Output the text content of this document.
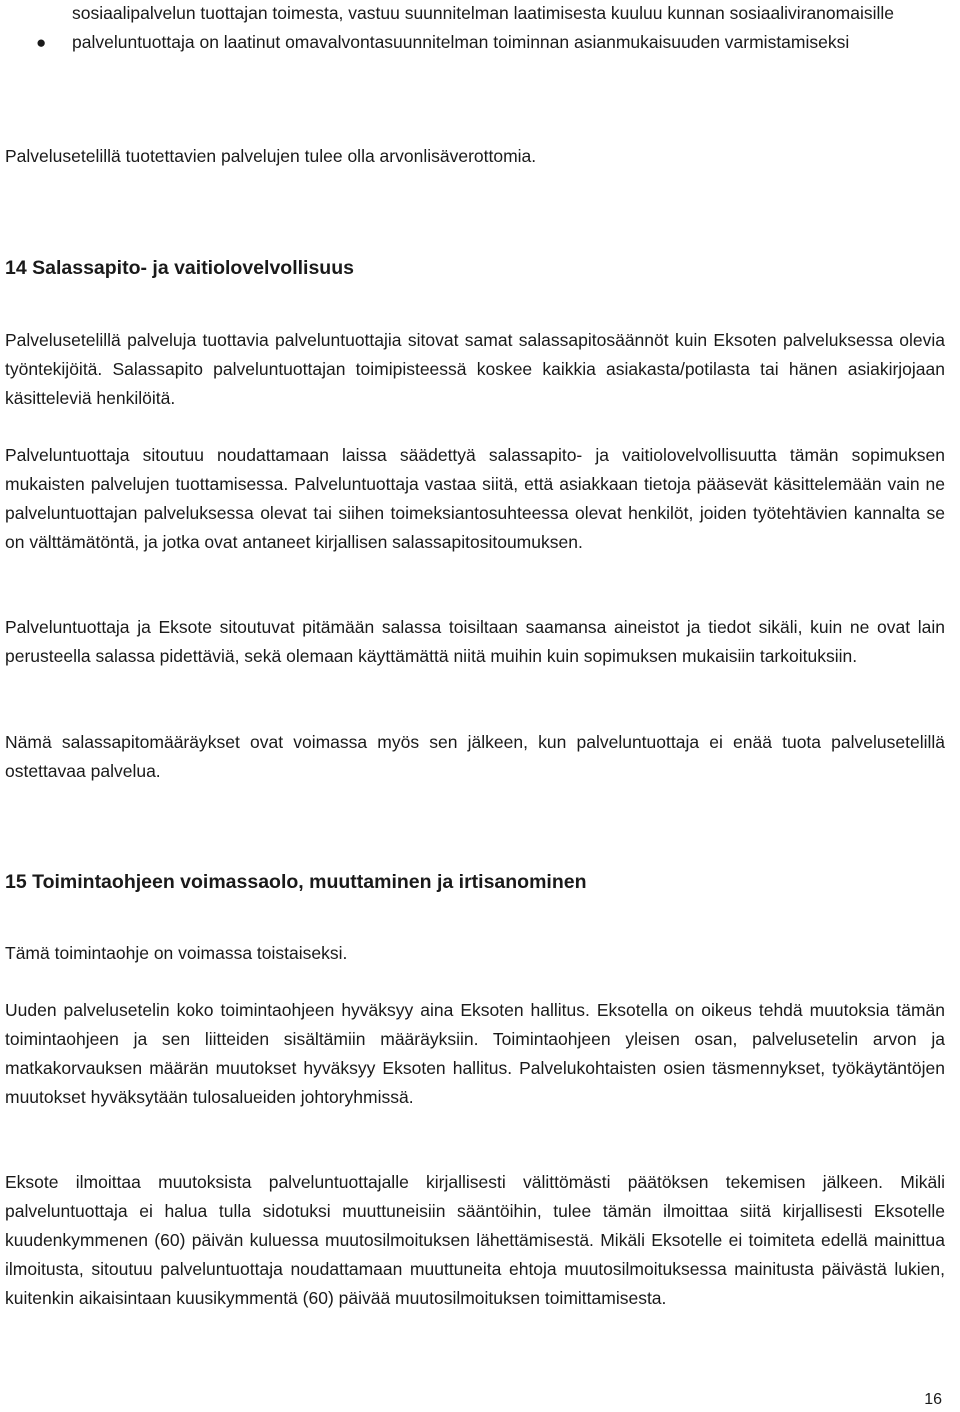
sosiaalipalvelun tuottajan toimesta, vastuu suunnitelman laatimisesta kuuluu kunnan sosiaaliviranomaisille
● palveluntuottaja on laatinut omavalvontasuunnitelman toiminnan asianmukaisuuden varmistamiseksi

Palvelusetelillä tuotettavien palvelujen tulee olla arvonlisäverottomia.

14 Salassapito- ja vaitiolovelvollisuus

Palvelusetelillä palveluja tuottavia palveluntuottajia sitovat samat salassapitosäännöt kuin Eksoten palveluksessa olevia työntekijöitä. Salassapito palveluntuottajan toimipisteessä koskee kaikkia asiakasta/potilasta tai hänen asiakirjojaan käsitteleviä henkilöitä.

Palveluntuottaja sitoutuu noudattamaan laissa säädettyä salassapito- ja vaitiolovelvollisuutta tämän sopimuksen mukaisten palvelujen tuottamisessa. Palveluntuottaja vastaa siitä, että asiakkaan tietoja pääsevät käsittelemään vain ne palveluntuottajan palveluksessa olevat tai siihen toimeksiantosuhteessa olevat henkilöt, joiden työtehtävien kannalta se on välttämätöntä, ja jotka ovat antaneet kirjallisen salassapitositoumuksen.

Palveluntuottaja ja Eksote sitoutuvat pitämään salassa toisiltaan saamansa aineistot ja tiedot sikäli, kuin ne ovat lain perusteella salassa pidettäviä, sekä olemaan käyttämättä niitä muihin kuin sopimuksen mukaisiin tarkoituksiin.

Nämä salassapitomääräykset ovat voimassa myös sen jälkeen, kun palveluntuottaja ei enää tuota palvelusetelillä ostettavaa palvelua.

15 Toimintaohjeen voimassaolo, muuttaminen ja irtisanominen

Tämä toimintaohje on voimassa toistaiseksi.

Uuden palvelusetelin koko toimintaohjeen hyväksyy aina Eksoten hallitus. Eksotella on oikeus tehdä muutoksia tämän toimintaohjeen ja sen liitteiden sisältämiin määräyksiin. Toimintaohjeen yleisen osan, palvelusetelin arvon ja matkakorvauksen määrän muutokset hyväksyy Eksoten hallitus. Palvelukohtaisten osien täsmennykset, työkäytäntöjen muutokset hyväksytään tulosalueiden johtoryhmissä.

Eksote ilmoittaa muutoksista palveluntuottajalle kirjallisesti välittömästi päätöksen tekemisen jälkeen. Mikäli palveluntuottaja ei halua tulla sidotuksi muuttuneisiin sääntöihin, tulee tämän ilmoittaa siitä kirjallisesti Eksotelle kuudenkymmenen (60) päivän kuluessa muutosilmoituksen lähettämisestä. Mikäli Eksotelle ei toimiteta edellä mainittua ilmoitusta, sitoutuu palveluntuottaja noudattamaan muuttuneita ehtoja muutosilmoituksessa mainitusta päivästä lukien, kuitenkin aikaisintaan kuusikymmentä (60) päivää muutosilmoituksen toimittamisesta.

16
